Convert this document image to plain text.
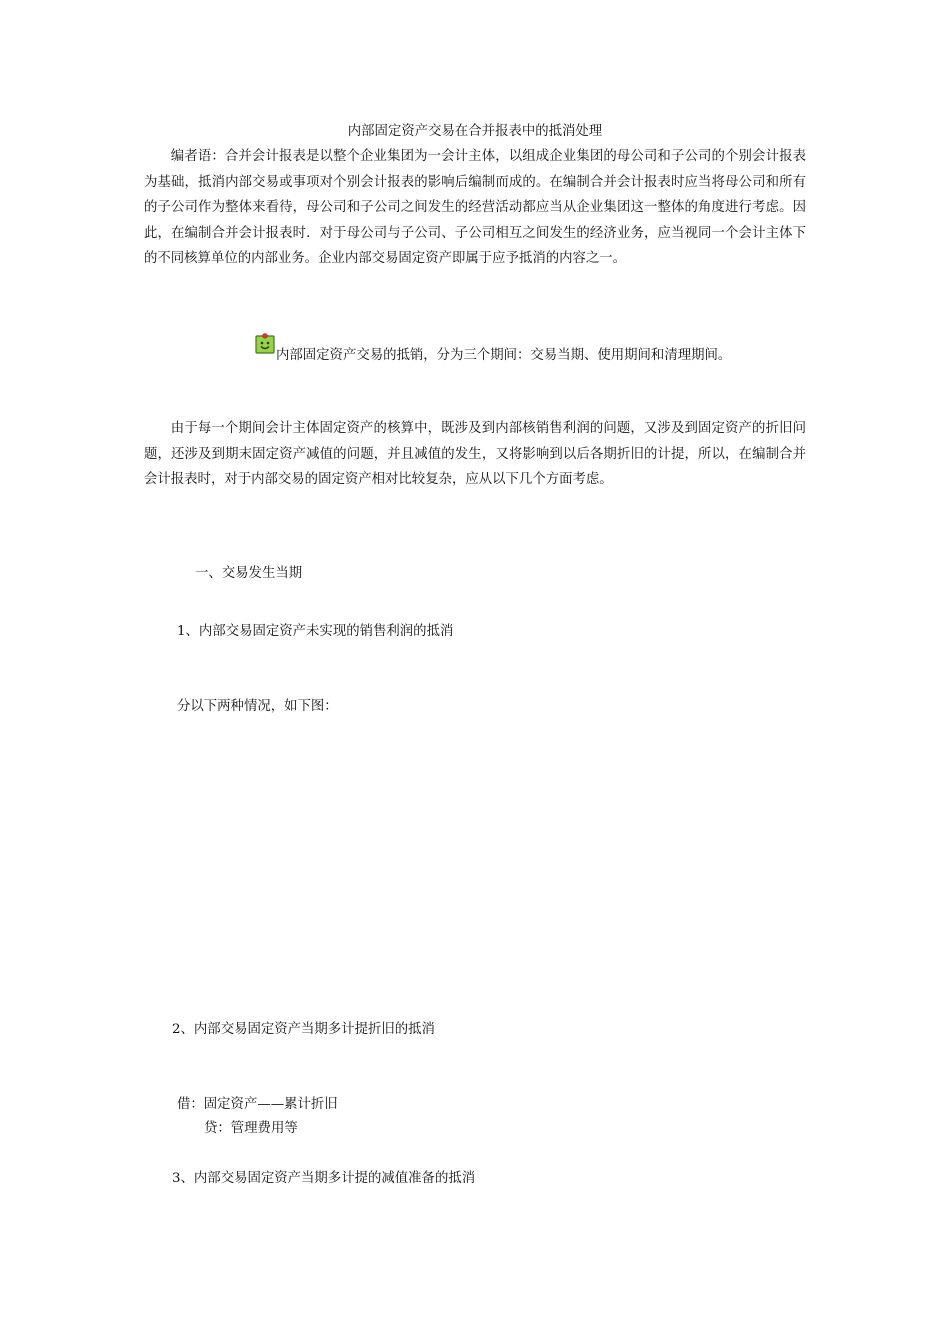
内部固定资产交易在合并报表中的抵消处理
编者语：合并会计报表是以整个企业集团为一会计主体，以组成企业集团的母公司和子公司的个别会计报表为基础，抵消内部交易或事项对个别会计报表的影响后编制而成的。在编制合并会计报表时应当将母公司和所有的子公司作为整体来看待，母公司和子公司之间发生的经营活动都应当从企业集团这一整体的角度进行考虑。因此，在编制合并会计报表时．对于母公司与子公司、子公司相互之间发生的经济业务，应当视同一个会计主体下的不同核算单位的内部业务。企业内部交易固定资产即属于应予抵消的内容之一。
内部固定资产交易的抵销，分为三个期间：交易当期、使用期间和清理期间。
由于每一个期间会计主体固定资产的核算中，既涉及到内部核销售利润的问题，又涉及到固定资产的折旧问题，还涉及到期末固定资产减值的问题，并且减值的发生，又将影响到以后各期折旧的计提，所以，在编制合并会计报表时，对于内部交易的固定资产相对比较复杂，应从以下几个方面考虑。
一、交易发生当期
1、内部交易固定资产未实现的销售利润的抵消
分以下两种情况，如下图：
2、内部交易固定资产当期多计提折旧的抵消
借：固定资产——累计折旧
贷：管理费用等
3、内部交易固定资产当期多计提的减值准备的抵消
